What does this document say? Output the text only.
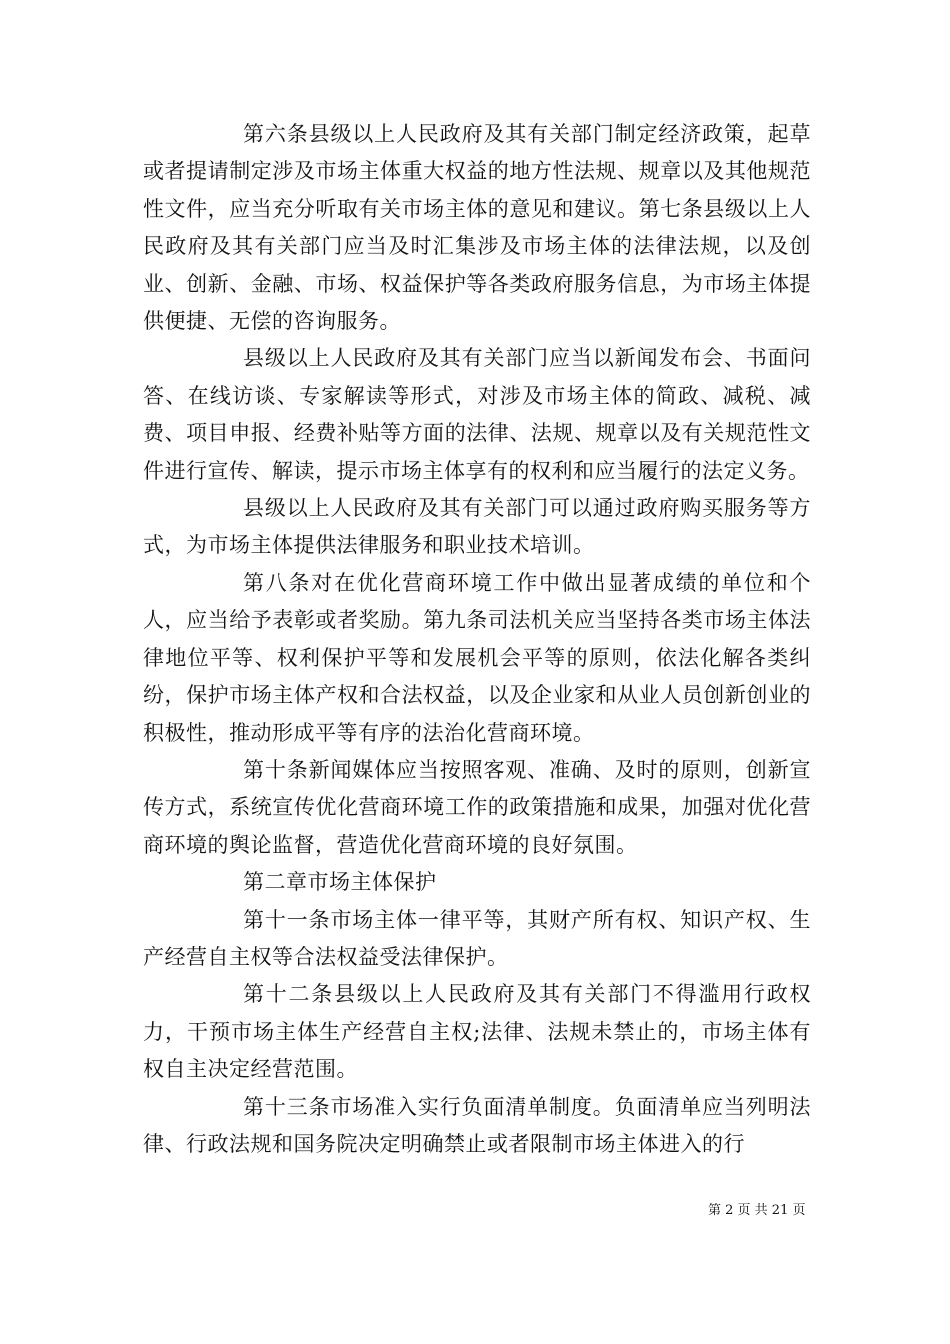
第六条县级以上人民政府及其有关部门制定经济政策，起草或者提请制定涉及市场主体重大权益的地方性法规、规章以及其他规范性文件，应当充分听取有关市场主体的意见和建议。第七条县级以上人民政府及其有关部门应当及时汇集涉及市场主体的法律法规，以及创业、创新、金融、市场、权益保护等各类政府服务信息，为市场主体提供便捷、无偿的咨询服务。

县级以上人民政府及其有关部门应当以新闻发布会、书面问答、在线访谈、专家解读等形式，对涉及市场主体的简政、减税、减费、项目申报、经费补贴等方面的法律、法规、规章以及有关规范性文件进行宣传、解读，提示市场主体享有的权利和应当履行的法定义务。

县级以上人民政府及其有关部门可以通过政府购买服务等方式，为市场主体提供法律服务和职业技术培训。

第八条对在优化营商环境工作中做出显著成绩的单位和个人，应当给予表彰或者奖励。第九条司法机关应当坚持各类市场主体法律地位平等、权利保护平等和发展机会平等的原则，依法化解各类纠纷，保护市场主体产权和合法权益，以及企业家和从业人员创新创业的积极性，推动形成平等有序的法治化营商环境。

第十条新闻媒体应当按照客观、准确、及时的原则，创新宣传方式，系统宣传优化营商环境工作的政策措施和成果，加强对优化营商环境的舆论监督，营造优化营商环境的良好氛围。

第二章市场主体保护

第十一条市场主体一律平等，其财产所有权、知识产权、生产经营自主权等合法权益受法律保护。

第十二条县级以上人民政府及其有关部门不得滥用行政权力，干预市场主体生产经营自主权;法律、法规未禁止的，市场主体有权自主决定经营范围。

第十三条市场准入实行负面清单制度。负面清单应当列明法律、行政法规和国务院决定明确禁止或者限制市场主体进入的行

第 2 页 共 21 页
